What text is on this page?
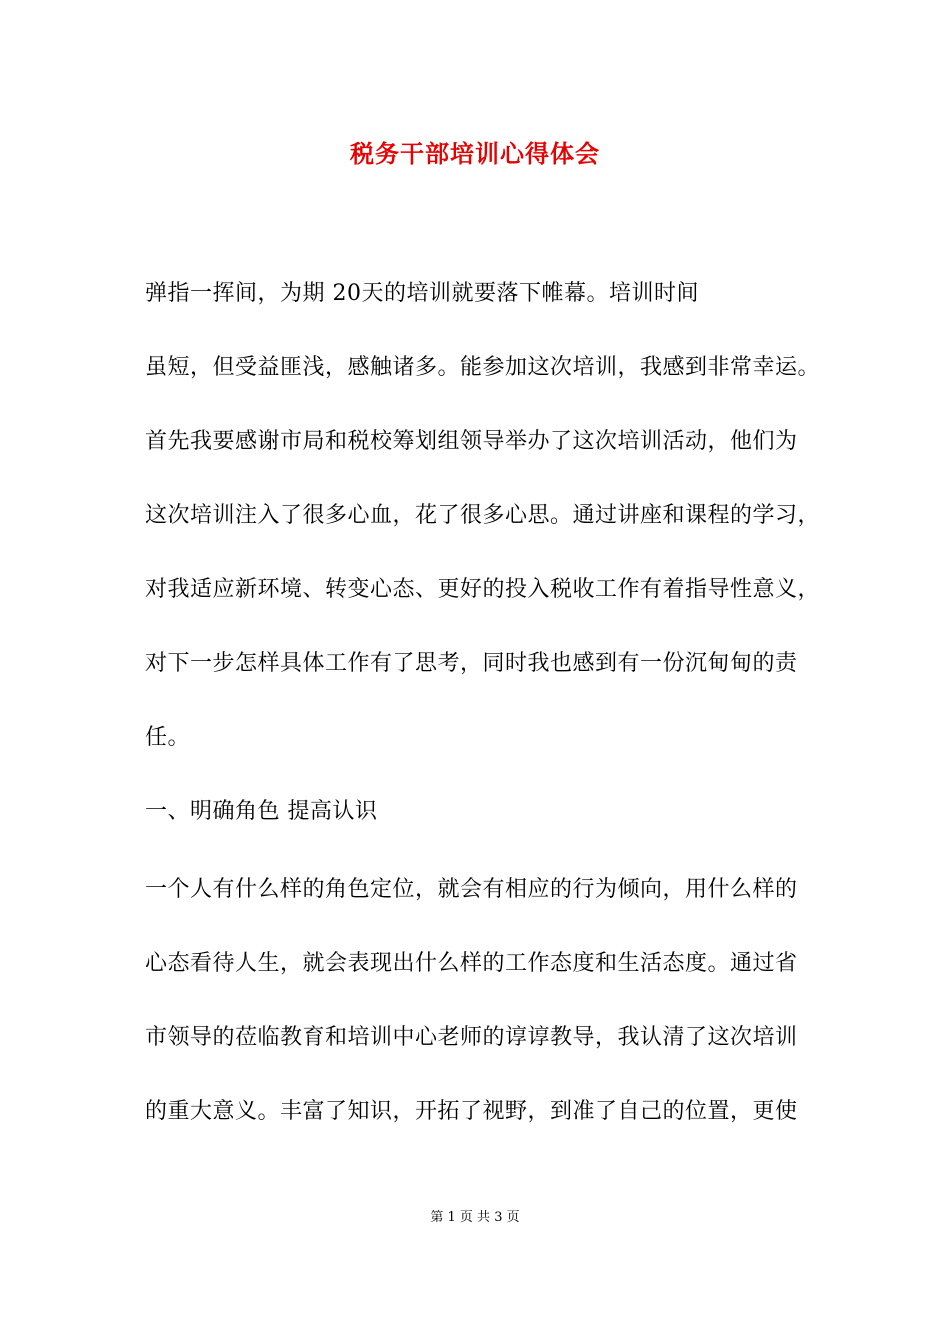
税务干部培训心得体会
弹指一挥间，为期 20天的培训就要落下帷幕。培训时间
虽短，但受益匪浅，感触诸多。能参加这次培训，我感到非常幸运。
首先我要感谢市局和税校筹划组领导举办了这次培训活动，他们为
这次培训注入了很多心血，花了很多心思。通过讲座和课程的学习，
对我适应新环境、转变心态、更好的投入税收工作有着指导性意义，
对下一步怎样具体工作有了思考，同时我也感到有一份沉甸甸的责
任。
一、明确角色 提高认识
一个人有什么样的角色定位，就会有相应的行为倾向，用什么样的
心态看待人生，就会表现出什么样的工作态度和生活态度。通过省
市领导的莅临教育和培训中心老师的谆谆教导，我认清了这次培训
的重大意义。丰富了知识，开拓了视野，到准了自己的位置，更使
第 1 页 共 3 页
